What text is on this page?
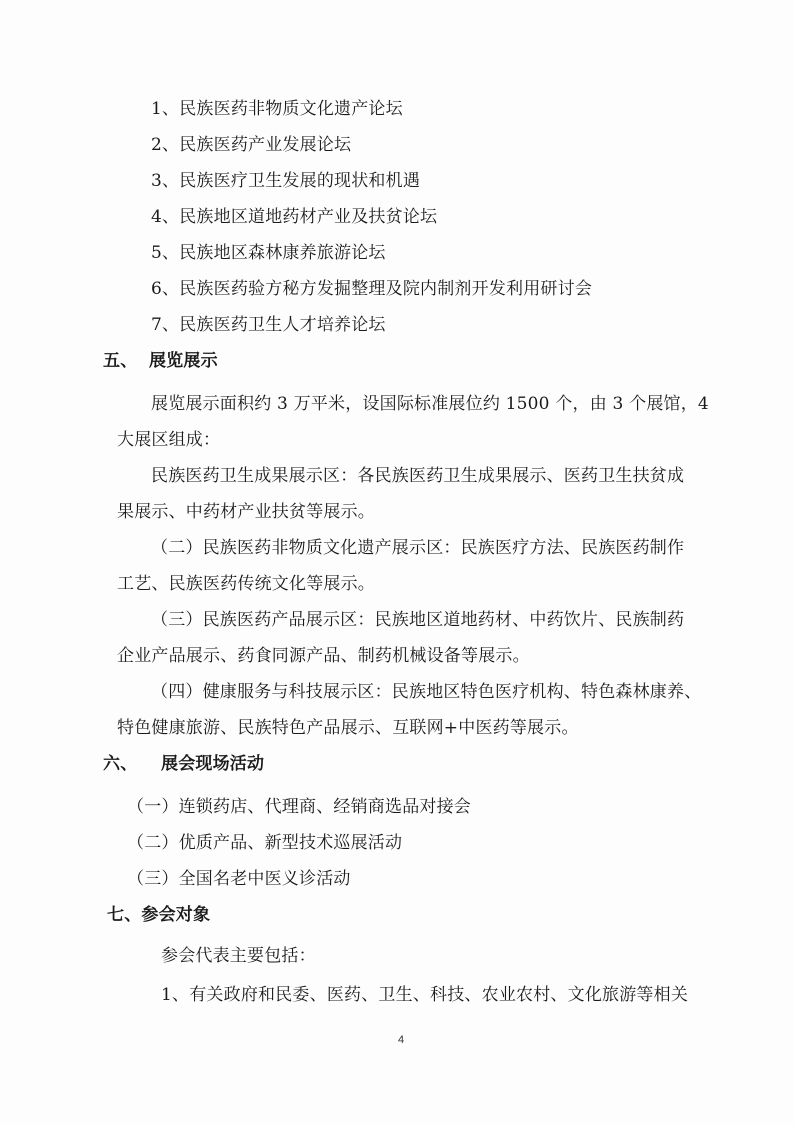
1、民族医药非物质文化遗产论坛
2、民族医药产业发展论坛
3、民族医疗卫生发展的现状和机遇
4、民族地区道地药材产业及扶贫论坛
5、民族地区森林康养旅游论坛
6、民族医药验方秘方发掘整理及院内制剂开发利用研讨会
7、民族医药卫生人才培养论坛
五、 展览展示
展览展示面积约 3 万平米，设国际标准展位约 1500 个，由 3 个展馆，4
大展区组成：
民族医药卫生成果展示区：各民族医药卫生成果展示、医药卫生扶贫成
果展示、中药材产业扶贫等展示。
（二）民族医药非物质文化遗产展示区：民族医疗方法、民族医药制作
工艺、民族医药传统文化等展示。
（三）民族医药产品展示区：民族地区道地药材、中药饮片、民族制药
企业产品展示、药食同源产品、制药机械设备等展示。
（四）健康服务与科技展示区：民族地区特色医疗机构、特色森林康养、
特色健康旅游、民族特色产品展示、互联网+中医药等展示。
六、 展会现场活动
（一）连锁药店、代理商、经销商选品对接会
（二）优质产品、新型技术巡展活动
（三）全国名老中医义诊活动
七、参会对象
参会代表主要包括：
1、有关政府和民委、医药、卫生、科技、农业农村、文化旅游等相关
4
